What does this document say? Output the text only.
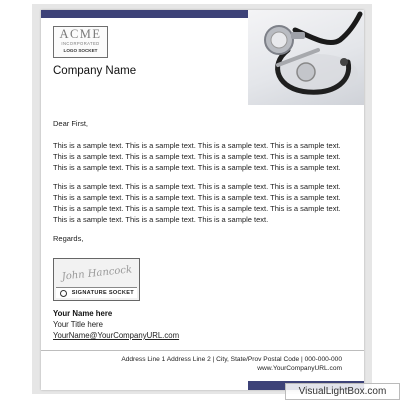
ACME
INCORPORATED
LOGO SOCKET
Company Name

Dear First,

This is a sample text. This is a sample text. This is a sample text. This is a sample text. This is a sample text. This is a sample text. This is a sample text. This is a sample text. This is a sample text. This is a sample text. This is a sample text. This is a sample text.

This is a sample text. This is a sample text. This is a sample text. This is a sample text. This is a sample text. This is a sample text. This is a sample text. This is a sample text. This is a sample text. This is a sample text. This is a sample text. This is a sample text. This is a sample text. This is a sample text. This is a sample text.

Regards,

John Hancock
SIGNATURE SOCKET
Your Name here
Your Title here
YourName@YourCompanyURL.com
Address Line 1 Address Line 2 | City, State/Prov Postal Code | 000-000-000
www.YourCompanyURL.com
VisualLightBox.com
